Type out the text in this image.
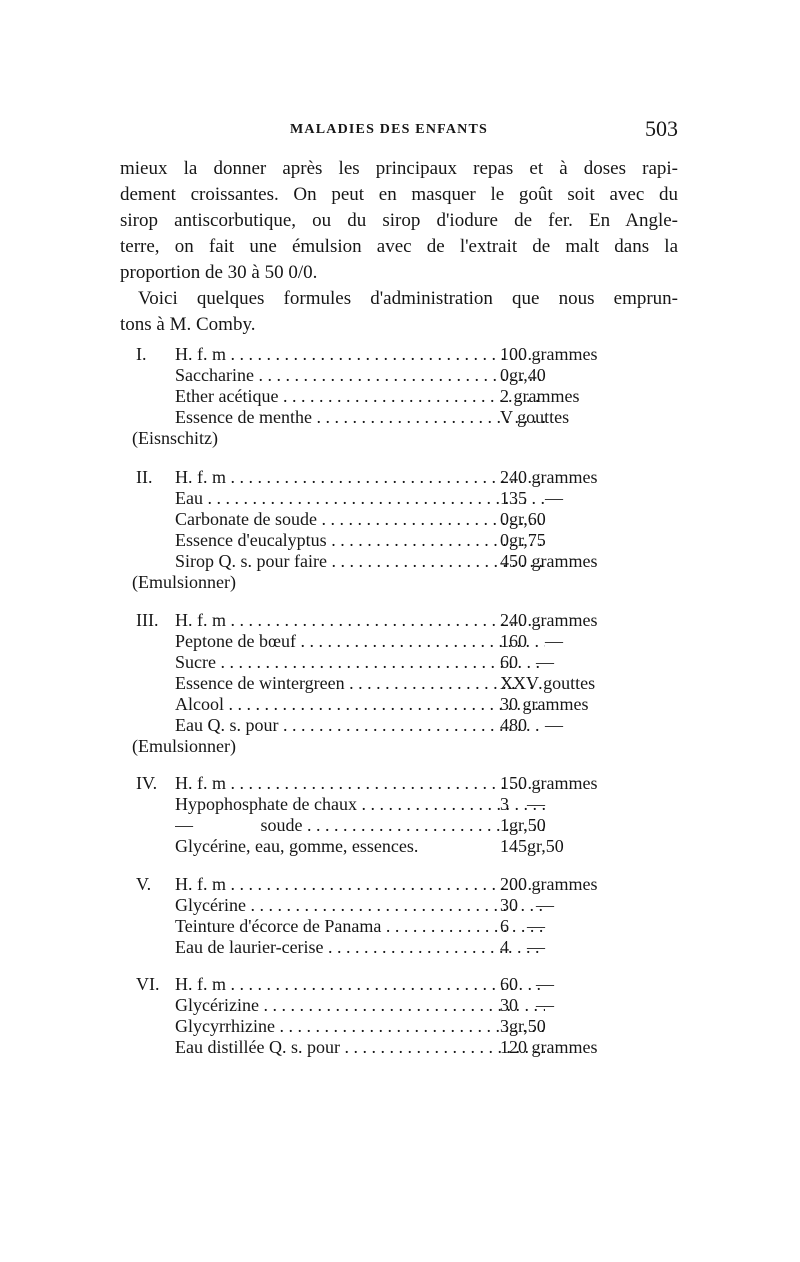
MALADIES DES ENFANTS	503
mieux la donner après les principaux repas et à doses rapi-
dement croissantes. On peut en masquer le goût soit avec du
sirop antiscorbutique, ou du sirop d'iodure de fer. En Angle-
terre, on fait une émulsion avec de l'extrait de malt dans la
proportion de 30 à 50 0/0.
Voici quelques formules d'administration que nous emprun-
tons à M. Comby.
I.	H. f. m . . .	100 grammes
Saccharine . . .	0gr,40
Ether acétique . . .	2 grammes
Essence de menthe . . .	V gouttes
(Eisnschitz)
II.	H. f. m . . .	240 grammes
Eau . . .	135    —
Carbonate de soude . . .	0gr,60
Essence d'eucalyptus . . .	0gr,75
Sirop Q. s. pour faire . . .	450 grammes
(Emulsionner)
III. H. f. m . . .	240 grammes
Peptone de bœuf . . .	160    —
Sucre . . .	60    —
Essence de wintergreen . . .	XXV gouttes
Alcool . . .	30 grammes
Eau Q. s. pour . . .	480    —
(Emulsionner)
IV. H. f. m . . .	150 grammes
Hypophosphate de chaux . . .	3    —
—               soude . . .	1gr,50
Glycérine, eau, gomme, essences.	145gr,50
V.	H. f. m . . .	200 grammes
Glycérine . . .	30    —
Teinture d'écorce de Panama . . .	6    —
Eau de laurier-cerise . . .	4    —
VI. H. f. m . . .	60    —
Glycérizine . . .	30    —
Glycyrrhizine . . .	3gr,50
Eau distillée Q. s. pour . . .	120 grammes
